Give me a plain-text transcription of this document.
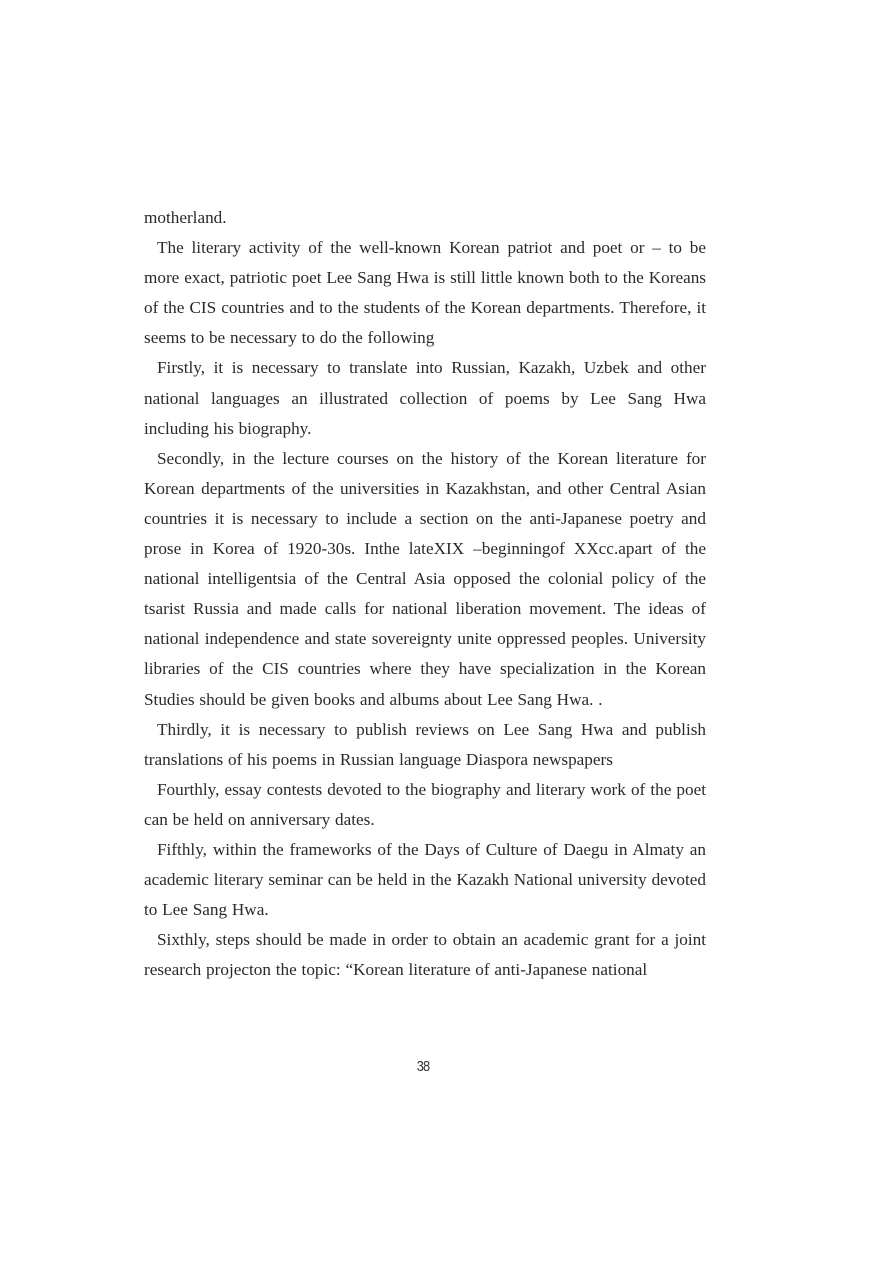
motherland.

The literary activity of the well-known Korean patriot and poet or – to be more exact, patriotic poet Lee Sang Hwa is still little known both to the Koreans of the CIS countries and to the students of the Korean departments. Therefore, it seems to be necessary to do the following

Firstly, it is necessary to translate into Russian, Kazakh, Uzbek and other national languages an illustrated collection of poems by Lee Sang Hwa including his biography.

Secondly, in the lecture courses on the history of the Korean literature for Korean departments of the universities in Kazakhstan, and other Central Asian countries it is necessary to include a section on the anti-Japanese poetry and prose in Korea of 1920-30s. Inthe lateXIX –beginningof XXcc.apart of the national intelligentsia of the Central Asia opposed the colonial policy of the tsarist Russia and made calls for national liberation movement. The ideas of national independence and state sovereignty unite oppressed peoples. University libraries of the CIS countries where they have specialization in the Korean Studies should be given books and albums about Lee Sang Hwa. .

Thirdly, it is necessary to publish reviews on Lee Sang Hwa and publish translations of his poems in Russian language Diaspora newspapers

Fourthly, essay contests devoted to the biography and literary work of the poet can be held on anniversary dates.

Fifthly, within the frameworks of the Days of Culture of Daegu in Almaty an academic literary seminar can be held in the Kazakh National university devoted to Lee Sang Hwa.

Sixthly, steps should be made in order to obtain an academic grant for a joint research projecton the topic: “Korean literature of anti-Japanese national

38
